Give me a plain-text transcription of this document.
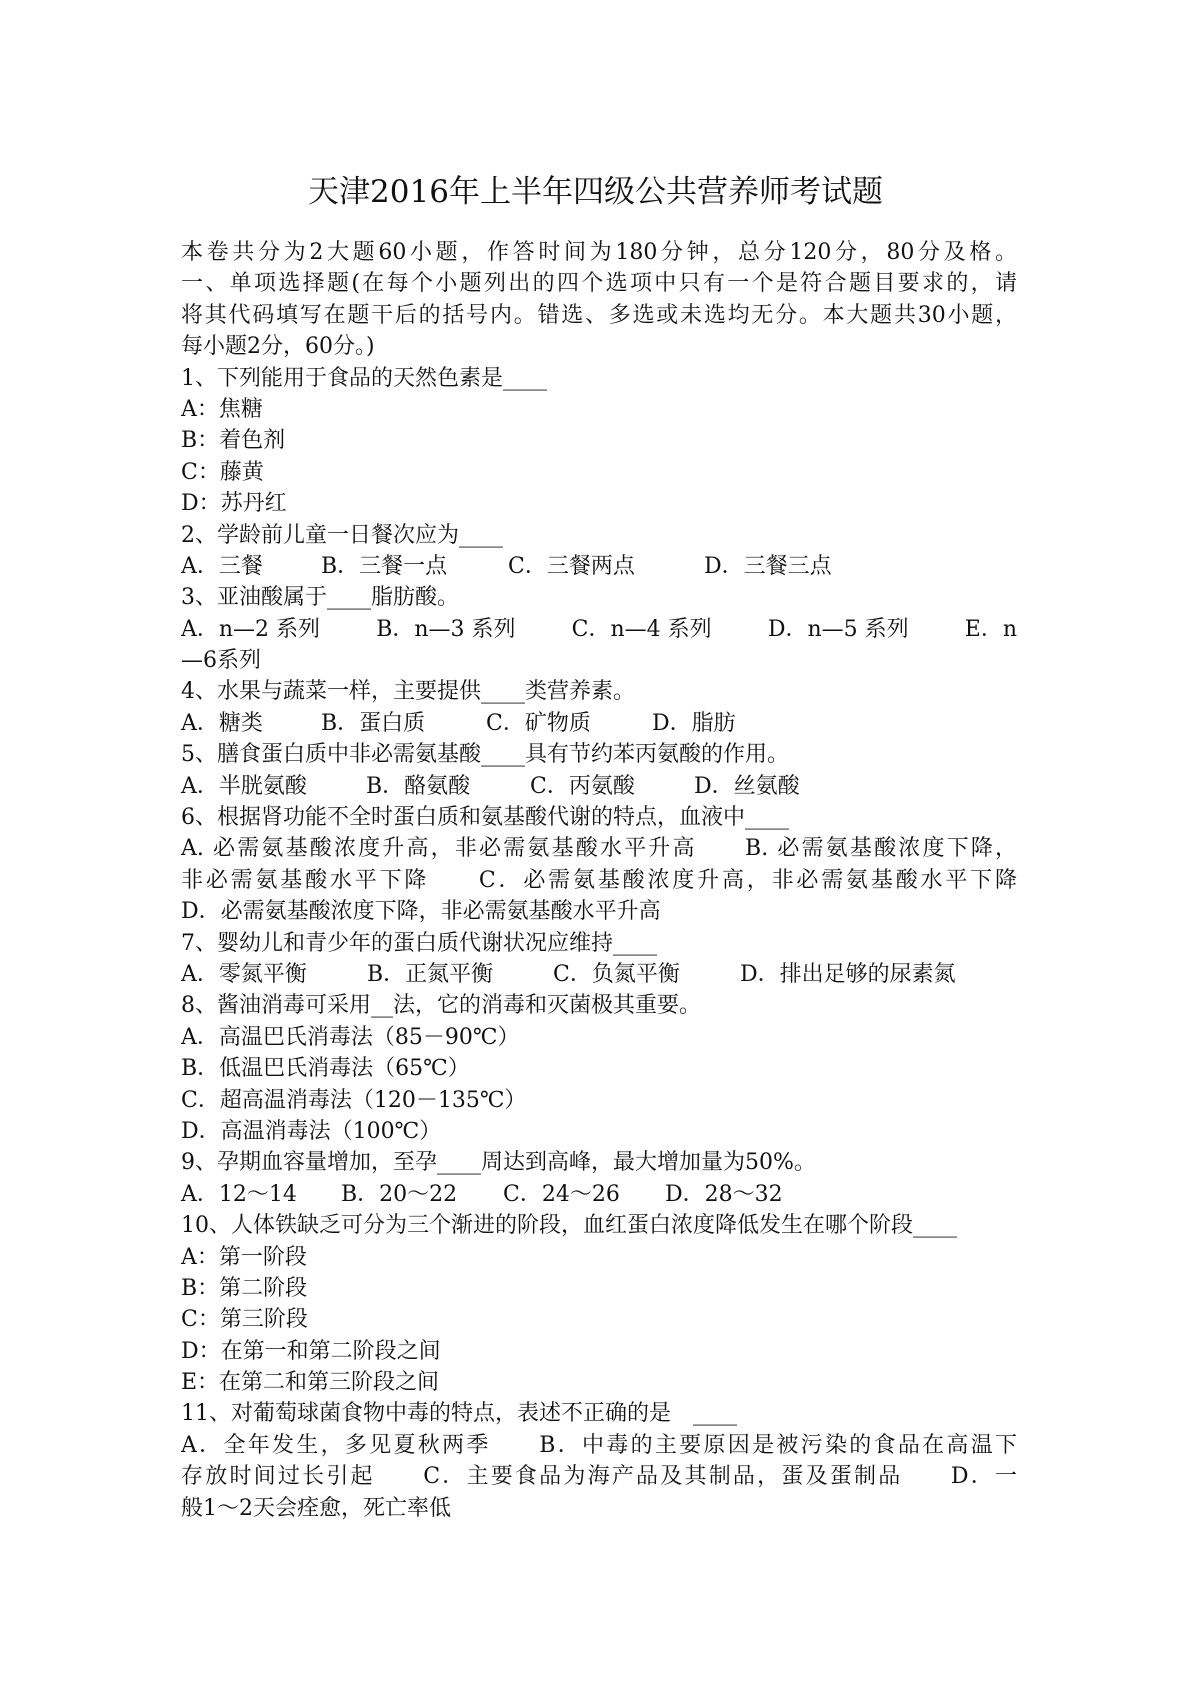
天津2016年上半年四级公共营养师考试题
本卷共分为2大题60小题，作答时间为180分钟，总分120分，80分及格。
一、单项选择题(在每个小题列出的四个选项中只有一个是符合题目要求的，请
将其代码填写在题干后的括号内。错选、多选或未选均无分。本大题共30小题，
每小题2分，60分。)
1、下列能用于食品的天然色素是____
A：焦糖
B：着色剂
C：藤黄
D：苏丹红
2、学龄前儿童一日餐次应为____
A．三餐	B．三餐一点	C．三餐两点	D．三餐三点
3、亚油酸属于____脂肪酸。
A．n—2 系列	B．n—3 系列	C．n—4 系列	D．n—5 系列	E．n
—6系列
4、水果与蔬菜一样，主要提供____类营养素。
A．糖类	B．蛋白质	C．矿物质	D．脂肪
5、膳食蛋白质中非必需氨基酸____具有节约苯丙氨酸的作用。
A．半胱氨酸	B．酪氨酸	C．丙氨酸	D．丝氨酸
6、根据肾功能不全时蛋白质和氨基酸代谢的特点，血液中____
A. 必需氨基酸浓度升高，非必需氨基酸水平升高　　B. 必需氨基酸浓度下降，
非必需氨基酸水平下降　　C．必需氨基酸浓度升高，非必需氨基酸水平下降
D．必需氨基酸浓度下降，非必需氨基酸水平升高
7、婴幼儿和青少年的蛋白质代谢状况应维持____
A．零氮平衡	B．正氮平衡	C．负氮平衡	D．排出足够的尿素氮
8、酱油消毒可采用__法，它的消毒和灭菌极其重要。
A．高温巴氏消毒法（85－90℃）
B．低温巴氏消毒法（65℃）
C．超高温消毒法（120－135℃）
D．高温消毒法（100℃）
9、孕期血容量增加，至孕____周达到高峰，最大增加量为50%。
A．12～14	B．20～22	C．24～26	D．28～32
10、人体铁缺乏可分为三个渐进的阶段，血红蛋白浓度降低发生在哪个阶段____
A：第一阶段
B：第二阶段
C：第三阶段
D：在第一和第二阶段之间
E：在第二和第三阶段之间
11、对葡萄球菌食物中毒的特点，表述不正确的是　____
A．全年发生，多见夏秋两季　　B．中毒的主要原因是被污染的食品在高温下
存放时间过长引起　　C．主要食品为海产品及其制品，蛋及蛋制品　　D．一
般1～2天会痊愈，死亡率低
